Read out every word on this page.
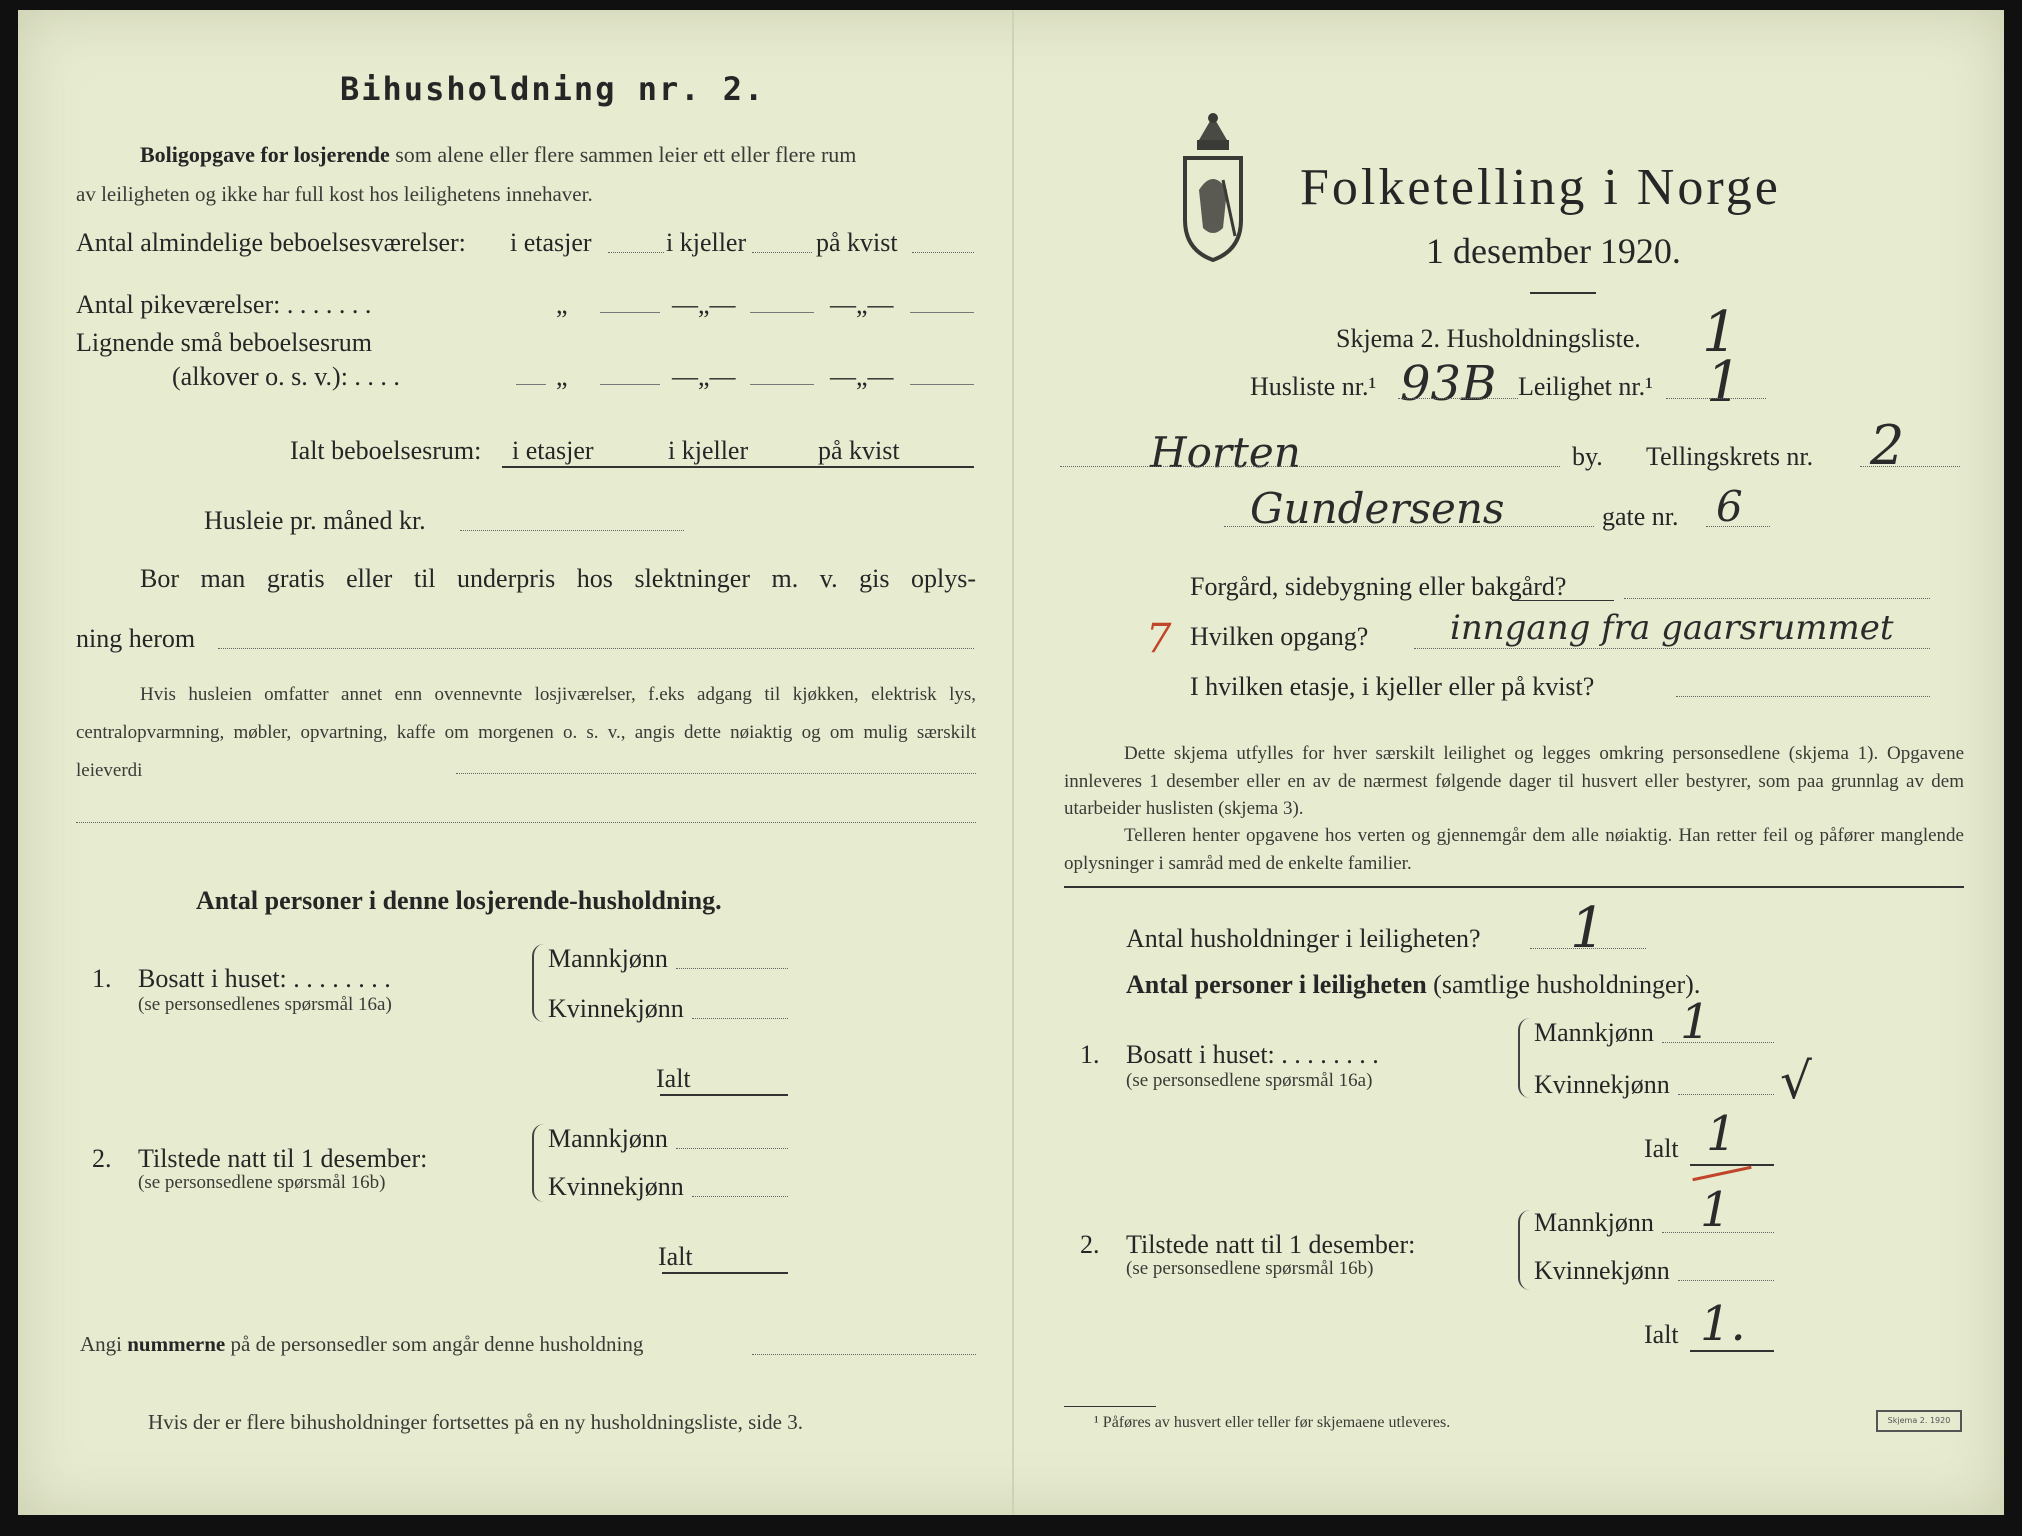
Bihusholdning nr. 2.
Boligopgave for losjerende som alene eller flere sammen leier ett eller flere rum
av leiligheten og ikke har full kost hos leilighetens innehaver.
Antal almindelige beboelsesværelser: i etasjer	i kjeller	på kvist
Antal pikeværelser: . . . . . . .	„	—„—	—„—
Lignende små beboelsesrum
(alkover o. s. v.): . . . .	„	—„—	—„—
Ialt beboelsesrum: i etasjer	i kjeller	på kvist
Husleie pr. måned kr.
Bor man gratis eller til underpris hos slektninger m. v. gis oplys-
ning herom
Hvis husleien omfatter annet enn ovennevnte losjiværelser, f.eks adgang til kjøkken, elektrisk lys, centralopvarmning, møbler, opvartning, kaffe om morgenen o. s. v., angis dette nøiaktig og om mulig særskilt leieverdi
Antal personer i denne losjerende-husholdning.
1. Bosatt i huset: . . . . . . . .
(se personsedlenes spørsmål 16a)
Mannkjønn
Kvinnekjønn
Ialt
2. Tilstede natt til 1 desember:
(se personsedlene spørsmål 16b)
Mannkjønn
Kvinnekjønn
Ialt
Angi nummerne på de personsedler som angår denne husholdning
Hvis der er flere bihusholdninger fortsettes på en ny husholdningsliste, side 3.
Folketelling i Norge
1 desember 1920.
Skjema 2. Husholdningsliste. 1
Husliste nr.¹ 93B Leilighet nr.¹ 1
Horten	by. Tellingskrets nr. 2
Gundersens	gate nr. 6
Forgård, sidebygning eller bakgård?
7 Hvilken opgang? inngang fra gaarsrummet
I hvilken etasje, i kjeller eller på kvist?
Dette skjema utfylles for hver særskilt leilighet og legges omkring personsedlene (skjema 1). Opgavene innleveres 1 desember eller en av de nærmest følgende dager til husvert eller bestyrer, som paa grunnlag av dem utarbeider huslisten (skjema 3).
Telleren henter opgavene hos verten og gjennemgår dem alle nøiaktig. Han retter feil og påfører manglende oplysninger i samråd med de enkelte familier.
Antal husholdninger i leiligheten? 1
Antal personer i leiligheten (samtlige husholdninger).
1. Bosatt i huset: . . . . . . . .
(se personsedlene spørsmål 16a)
Mannkjønn 1
Kvinnekjønn √
Ialt 1
2. Tilstede natt til 1 desember:
(se personsedlene spørsmål 16b)
Mannkjønn 1
Kvinnekjønn
Ialt 1.
¹ Påføres av husvert eller teller før skjemaene utleveres.	Skjema 2. 1920
